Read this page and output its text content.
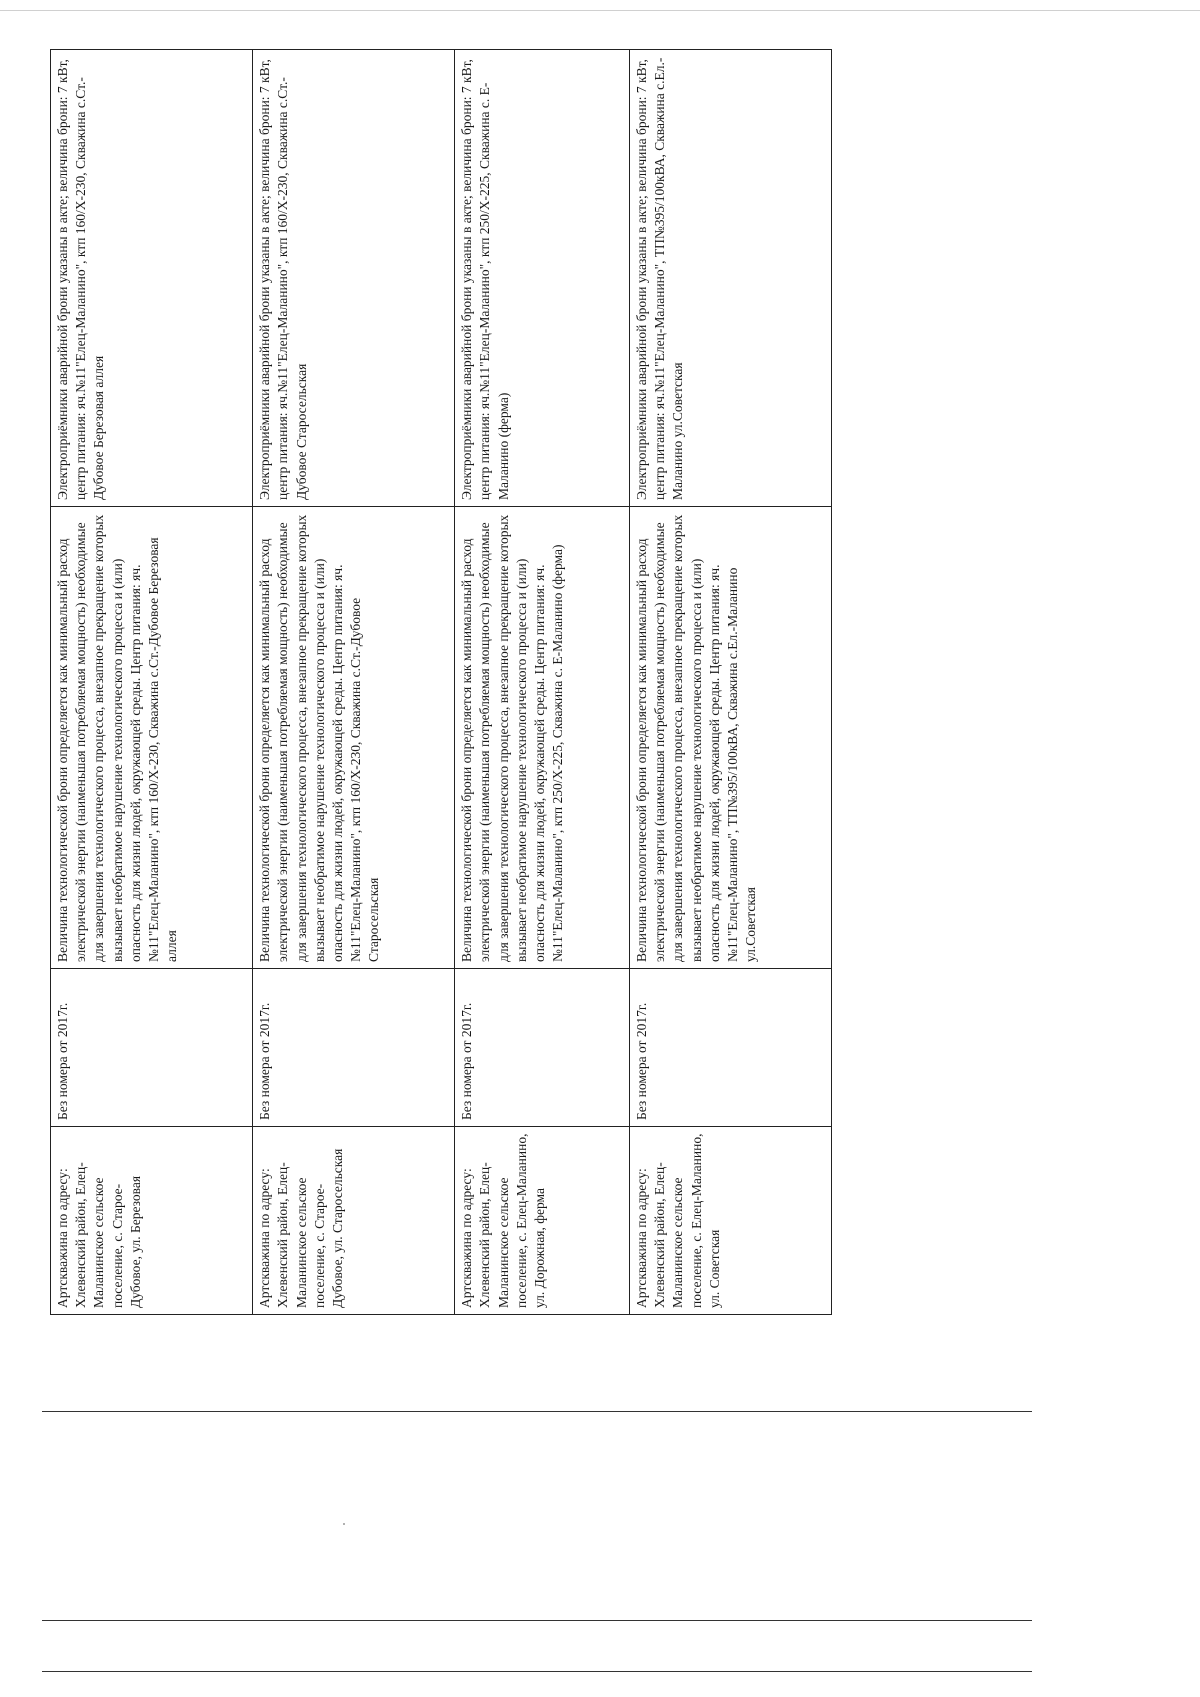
Артскважина по адресу: Хлевенский район, Елец-Маланинское сельское поселение, с. Старое-Дубовое, ул. Березовая	Без номера от 2017г.	Величина технологической брони определяется как минимальный расход электрической энергии (наименьшая потребляемая мощность) необходимые для завершения технологического процесса, внезапное прекращение которых вызывает необратимое нарушение технологического процесса и (или) опасность для жизни людей, окружающей среды. Центр питания: яч.№11"Елец-Маланино", ктп 160/Х-230, Скважина с.Ст.-Дубовое Березовая аллея	Электроприёмники аварийной брони указаны в акте; величина брони: 7 кВт, центр питания: яч.№11"Елец-Маланино", ктп 160/Х-230, Скважина с.Ст.-Дубовое Березовая аллея
Артскважина по адресу: Хлевенский район, Елец-Маланинское сельское поселение, с. Старое-Дубовое, ул. Старосельская	Без номера от 2017г.	Величина технологической брони определяется как минимальный расход электрической энергии (наименьшая потребляемая мощность) необходимые для завершения технологического процесса, внезапное прекращение которых вызывает необратимое нарушение технологического процесса и (или) опасность для жизни людей, окружающей среды. Центр питания: яч.№11"Елец-Маланино", ктп 160/Х-230, Скважина с.Ст.-Дубовое Старосельская	Электроприёмники аварийной брони указаны в акте; величина брони: 7 кВт, центр питания: яч.№11"Елец-Маланино", ктп 160/Х-230, Скважина с.Ст.-Дубовое Старосельская
Артскважина по адресу: Хлевенский район, Елец-Маланинское сельское поселение, с. Елец-Маланино, ул. Дорожная, ферма	Без номера от 2017г.	Величина технологической брони определяется как минимальный расход электрической энергии (наименьшая потребляемая мощность) необходимые для завершения технологического процесса, внезапное прекращение которых вызывает необратимое нарушение технологического процесса и (или) опасность для жизни людей, окружающей среды. Центр питания: яч.№11"Елец-Маланино", ктп 250/Х-225, Скважина с. Е-Маланино (ферма)	Электроприёмники аварийной брони указаны в акте; величина брони: 7 кВт, центр питания: яч.№11"Елец-Маланино", ктп 250/Х-225, Скважина с. Е-Маланино (ферма)
Артскважина по адресу: Хлевенский район, Елец-Маланинское сельское поселение, с. Елец-Маланино, ул. Советская	Без номера от 2017г.	Величина технологической брони определяется как минимальный расход электрической энергии (наименьшая потребляемая мощность) необходимые для завершения технологического процесса, внезапное прекращение которых вызывает необратимое нарушение технологического процесса и (или) опасность для жизни людей, окружающей среды. Центр питания: яч.№11"Елец-Маланино", ТП№395/100кВА, Скважина с.Ел.-Маланино ул.Советская	Электроприёмники аварийной брони указаны в акте; величина брони: 7 кВт, центр питания: яч.№11"Елец-Маланино", ТП№395/100кВА, Скважина с.Ел.-Маланино ул.Советская
